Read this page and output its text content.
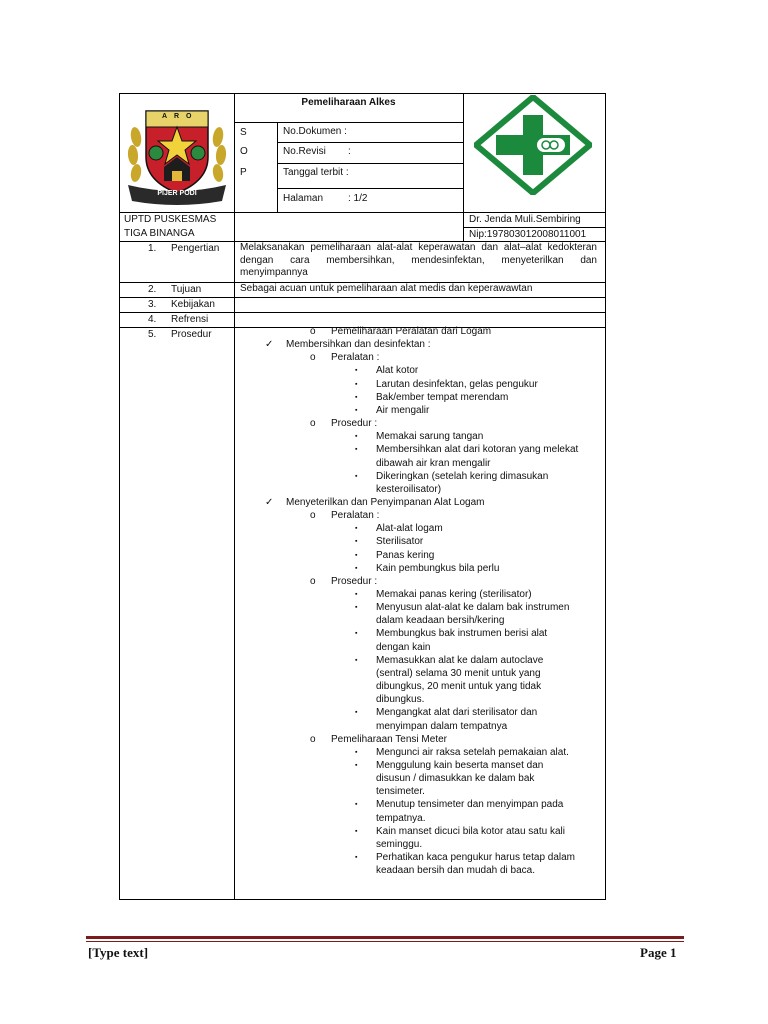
A R O
PIJER PODI
Pemeliharaan Alkes
S
O
P
No.Dokumen :
No.Revisi :
Tanggal terbit :
Halaman : 1/2
UPTD PUSKESMAS
TIGA BINANGA
Dr. Jenda Muli.Sembiring
Nip:197803012008011001
1. Pengertian
2. Tujuan
3. Kebijakan
4. Refrensi
5. Prosedur
Melaksanakan pemeliharaan alat-alat keperawatan dan alat–alat kedokteran dengan cara membersihkan, mendesinfektan, menyeterilkan dan menyimpannya
Sebagai acuan untuk pemeliharaan alat medis dan keperawawtan
o Pemeliharaan Peralatan dari Logam
✓ Membersihkan dan desinfektan :
o Peralatan :
▪ Alat kotor
▪ Larutan desinfektan, gelas pengukur
▪ Bak/ember tempat merendam
▪ Air mengalir
o Prosedur :
▪ Memakai sarung tangan
▪ Membersihkan alat dari kotoran yang melekat
dibawah air kran mengalir
▪ Dikeringkan (setelah kering dimasukan
kesteroilisator)
✓ Menyeterilkan dan Penyimpanan Alat Logam
o Peralatan :
▪ Alat-alat logam
▪ Sterilisator
▪ Panas kering
▪ Kain pembungkus bila perlu
o Prosedur :
▪ Memakai panas kering (sterilisator)
▪ Menyusun alat-alat ke dalam bak instrumen
dalam keadaan bersih/kering
▪ Membungkus bak instrumen berisi alat
dengan kain
▪ Memasukkan alat ke dalam autoclave
(sentral) selama 30 menit untuk yang
dibungkus, 20 menit untuk yang tidak
dibungkus.
▪ Mengangkat alat dari sterilisator dan
menyimpan dalam tempatnya
o Pemeliharaan Tensi Meter
▪ Mengunci air raksa setelah pemakaian alat.
▪ Menggulung kain beserta manset dan
disusun / dimasukkan ke dalam bak
tensimeter.
▪ Menutup tensimeter dan menyimpan pada
tempatnya.
▪ Kain manset dicuci bila kotor atau satu kali
seminggu.
▪ Perhatikan kaca pengukur harus tetap dalam
keadaan bersih dan mudah di baca.
[Type text]	Page 1
